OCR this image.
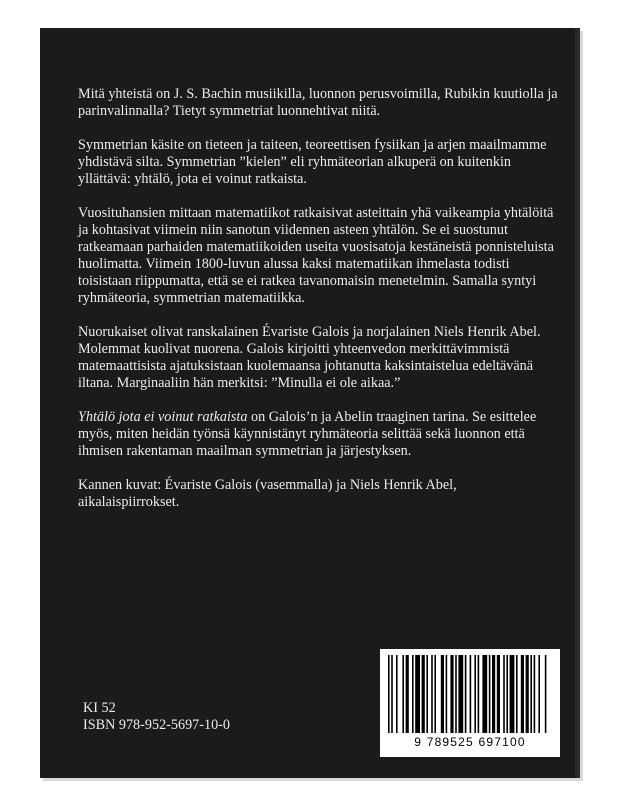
Mitä yhteistä on J. S. Bachin musiikilla, luonnon perusvoimilla, Rubikin kuutiolla ja parinvalinnalla? Tietyt symmetriat luonnehtivat niitä.

Symmetrian käsite on tieteen ja taiteen, teoreettisen fysiikan ja arjen maailmamme yhdistävä silta. Symmetrian ”kielen” eli ryhmäteorian alkuperä on kuitenkin yllättävä: yhtälö, jota ei voinut ratkaista.

Vuosituhansien mittaan matematiikot ratkaisivat asteittain yhä vaikeampia yhtälöitä ja kohtasivat viimein niin sanotun viidennen asteen yhtälön. Se ei suostunut ratkeamaan parhaiden matematiikoiden useita vuosisatoja kestäneistä ponnisteluista huolimatta. Viimein 1800-luvun alussa kaksi matematiikan ihmelasta todisti toisistaan riippumatta, että se ei ratkea tavanomaisin menetelmin. Samalla syntyi ryhmäteoria, symmetrian matematiikka.

Nuorukaiset olivat ranskalainen Évariste Galois ja norjalainen Niels Henrik Abel. Molemmat kuolivat nuorena. Galois kirjoitti yhteenvedon merkittävimmistä matemaattisista ajatuksistaan kuolemaansa johtanutta kaksintaistelua edeltävänä iltana. Marginaaliin hän merkitsi: ”Minulla ei ole aikaa.”

Yhtälö jota ei voinut ratkaista on Galois’n ja Abelin traaginen tarina. Se esittelee myös, miten heidän työnsä käynnistänyt ryhmäteoria selittää sekä luonnon että ihmisen rakentaman maailman symmetrian ja järjestyksen.

Kannen kuvat: Évariste Galois (vasemmalla) ja Niels Henrik Abel, aikalaispiirrokset.

KI 52
ISBN 978-952-5697-10-0
9 789525 697100
